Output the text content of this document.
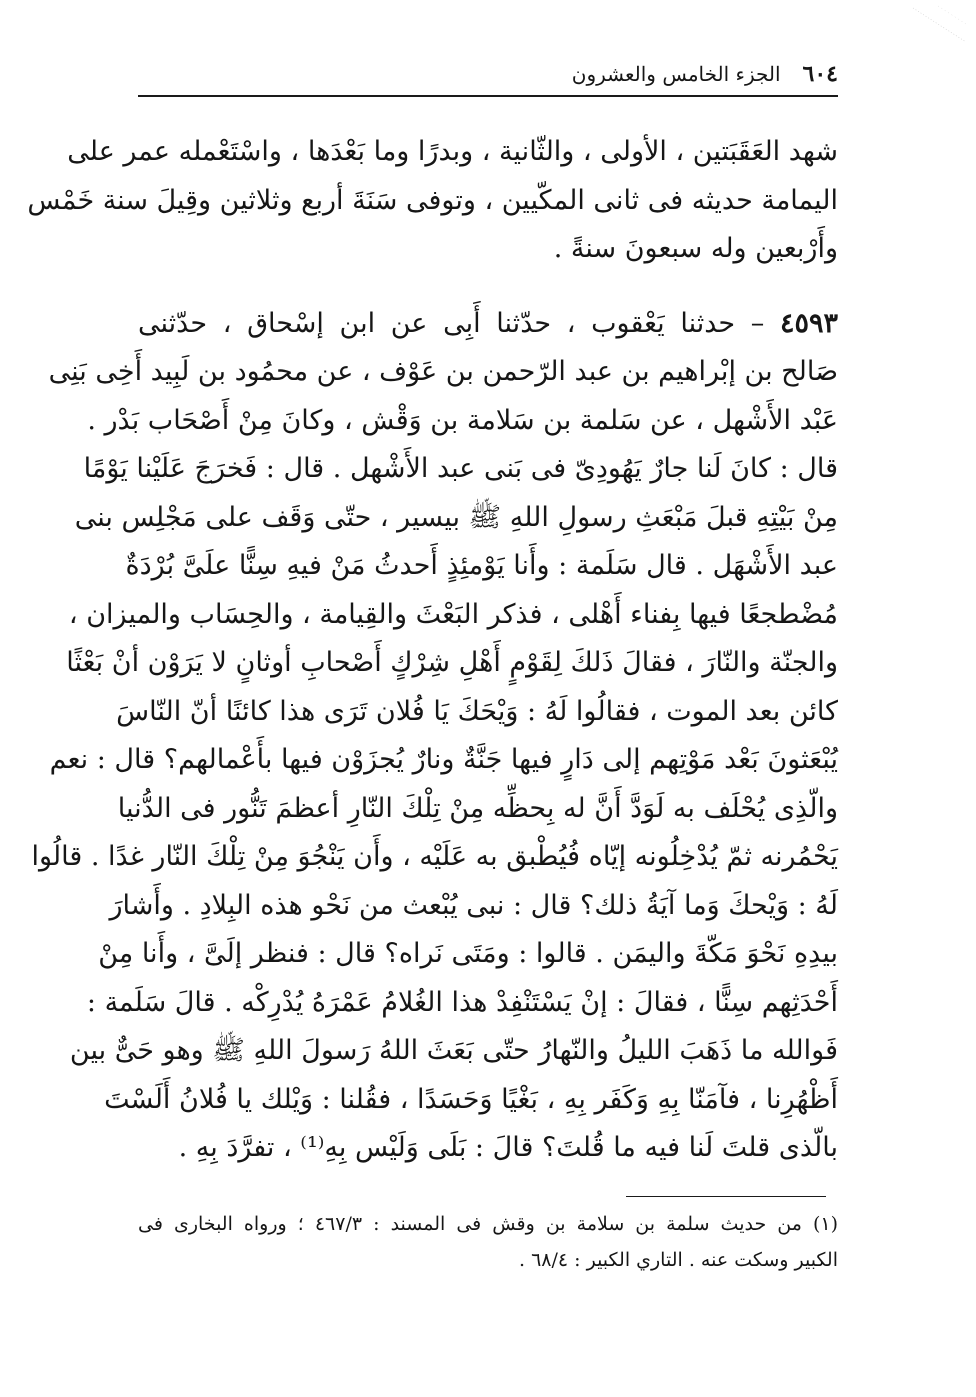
٦٠٤
الجزء الخامس والعشرون
شهد العَقَبَتين ، الأولى ، والثّانية ، وبدرًا وما بَعْدَها ، واسْتَعْمله عمر على
اليمامة حديثه فى ثانى المكّيين ، وتوفى سَنَةَ أربع وثلاثين وقِيلَ سنة خَمْس
وأَرْبعين وله سبعونَ سنةً .
٤٥٩٣ – حدثنا يَعْقوب ، حدّثنا أَبِى عن ابن إسْحاق ، حدّثنى
صَالح بن إبْراهيم بن عبد الرّحمن بن عَوْف ، عن محمُود بن لَبِيد أَخِى بَنِى
عَبْد الأَشْهل ، عن سَلمة بن سَلامة بن وَقْش ، وكانَ مِنْ أَصْحَاب بَدْر .
قال : كانَ لَنا جارٌ يَهُودِىّ فى بَنى عبد الأَشْهل . قال : فَخرَجَ عَلَيْنا يَوْمًا
مِنْ بَيْتِهِ قبلَ مَبْعَثِ رسولِ اللهِ ﷺ بيسير ، حتّى وَقَف على مَجْلِس بنى
عبد الأَشْهَل . قال سَلَمة : وأَنا يَوْمئِذٍ أَحدثُ مَنْ فيهِ سِنًّا علَىَّ بُرْدَةٌ
مُضْطجعًا فيها بِفناء أَهْلى ، فذكر البَعْثَ والقِيامة ، والحِسَاب والميزان ،
والجنّة والنّارَ ، فقالَ ذَلكَ لِقَوْمٍ أَهْلِ شِرْكٍ أَصْحابِ أوثانٍ لا يَرَوْن أنْ بَعْثًا
كائن بعد الموت ، فقالُوا لَهُ : وَيْحَكَ يَا فُلان تَرَى هذا كائنًا أنّ النّاسَ
يُبْعَثونَ بَعْد مَوْتِهم إلى دَارٍ فيها جَنَّةٌ ونارٌ يُجزَوْن فيها بأَعْمالهم؟ قال : نعم
والّذِى يُحْلَف به لَوَدَّ أَنَّ له بِحظِّه مِنْ تِلْكَ النّارِ أعظمَ تَنُّور فى الدُّنيا
يَحْمُرنه ثمّ يُدْخِلُونه إيّاه فُيُطْبق به عَلَيْه ، وأَن يَنْجُوَ مِنْ تِلْكَ النّار غدًا . قالُوا
لَهُ : وَيْحكَ وَما آيَةُ ذلك؟ قال : نبى يُبْعث من نَحْو هذه البِلادِ . وأَشارَ
بيدِهِ نَحْوَ مَكّةَ واليمَن . قالوا : ومَتَى نَراه؟ قال : فنظر إلَىَّ ، وأَنا مِنْ
أَحْدَثِهم سِنًّا ، فقالَ : إنْ يَسْتَنْفِدْ هذا الغُلامُ عَمْرَهُ يُدْرِكْه . قالَ سَلَمة :
فَوالله ما ذَهَبَ الليلُ والنّهارُ حتّى بَعَثَ اللهُ رَسولَ اللهِ ﷺ وهو حَىٌّ بين
أَظْهُرِنا ، فآمَنّا بِهِ وَكَفَر بِهِ ، بَغْيًا وَحَسَدًا ، فقُلنا : وَيْلك يا فُلانُ أَلَسْتَ
بالّذى قلتَ لَنا فيه ما قُلتَ؟ قالَ : بَلَى وَلَيْس بِهِ⁽¹⁾ ، تفرَّدَ بِهِ .
(١) من حديث سلمة بن سلامة بن وقش فى المسند : ٤٦٧/٣ ؛ ورواه البخارى فى
الكبير وسكت عنه . التاري الكبير : ٦٨/٤ .
